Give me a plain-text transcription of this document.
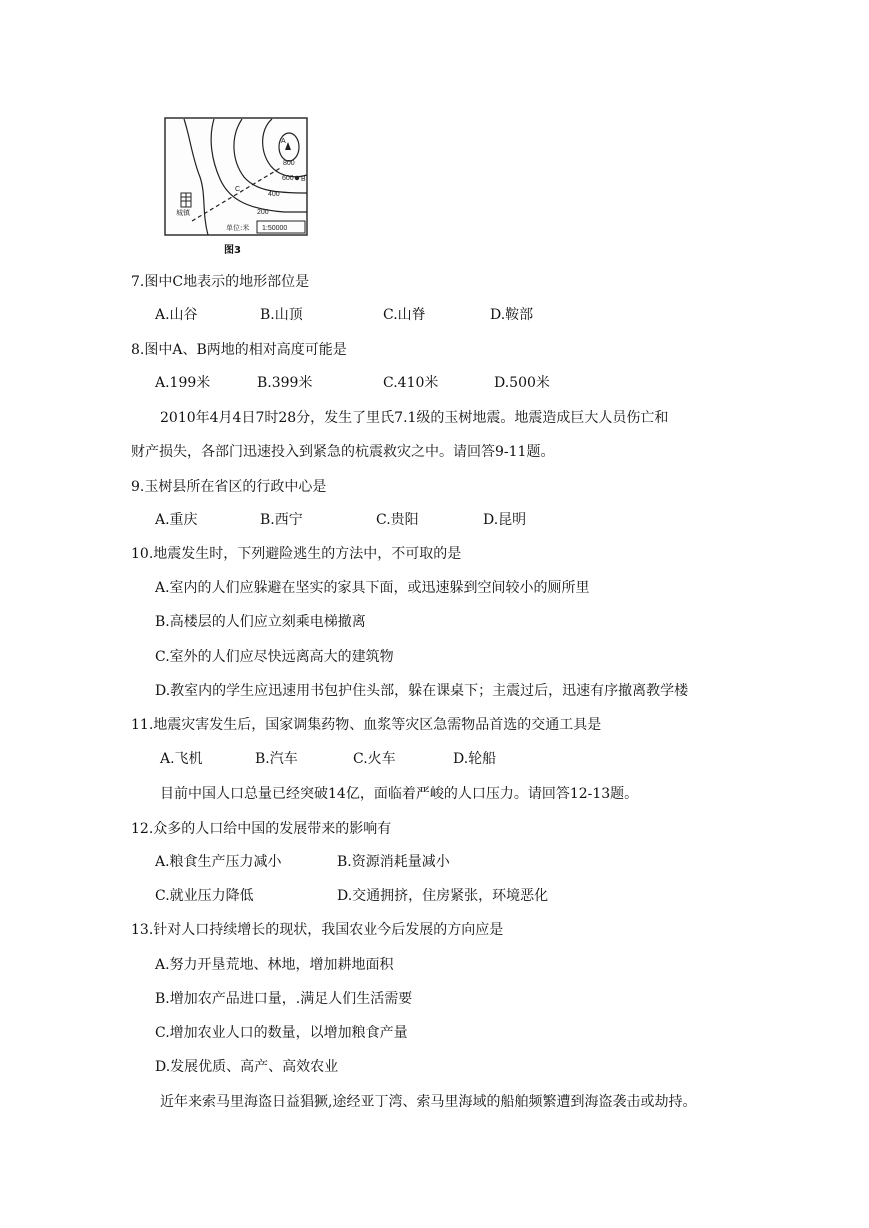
A
B
C
800
600
400
200
城镇
单位:米 1:50000
图3
7.图中C地表示的地形部位是
A.山谷	B.山顶	C.山脊	D.鞍部
8.图中A、B两地的相对高度可能是
A.199米	B.399米	C.410米	D.500米
2010年4月4日7时28分，发生了里氏7.1级的玉树地震。地震造成巨大人员伤亡和
财产损失，各部门迅速投入到紧急的杭震救灾之中。请回答9-11题。
9.玉树县所在省区的行政中心是
A.重庆	B.西宁	C.贵阳	D.昆明
10.地震发生时，下列避险逃生的方法中，不可取的是
A.室内的人们应躲避在坚实的家具下面，或迅速躲到空间较小的厕所里
B.高楼层的人们应立刻乘电梯撤离
C.室外的人们应尽快远离高大的建筑物
D.教室内的学生应迅速用书包护住头部，躲在课桌下；主震过后，迅速有序撤离教学楼
11.地震灾害发生后，国家调集药物、血浆等灾区急需物品首选的交通工具是
A.飞机	B.汽车	C.火车	D.轮船
目前中国人口总量已经突破14亿，面临着严峻的人口压力。请回答12-13题。
12.众多的人口给中国的发展带来的影响有
A.粮食生产压力减小	B.资源消耗量减小
C.就业压力降低	D.交通拥挤，住房紧张，环境恶化
13.针对人口持续增长的现状，我国农业今后发展的方向应是
A.努力开垦荒地、林地，增加耕地面积
B.增加农产品进口量，.满足人们生活需要
C.增加农业人口的数量，以增加粮食产量
D.发展优质、高产、高效农业
近年来索马里海盗日益猖獗,途经亚丁湾、索马里海域的船舶频繁遭到海盗袭击或劫持。
